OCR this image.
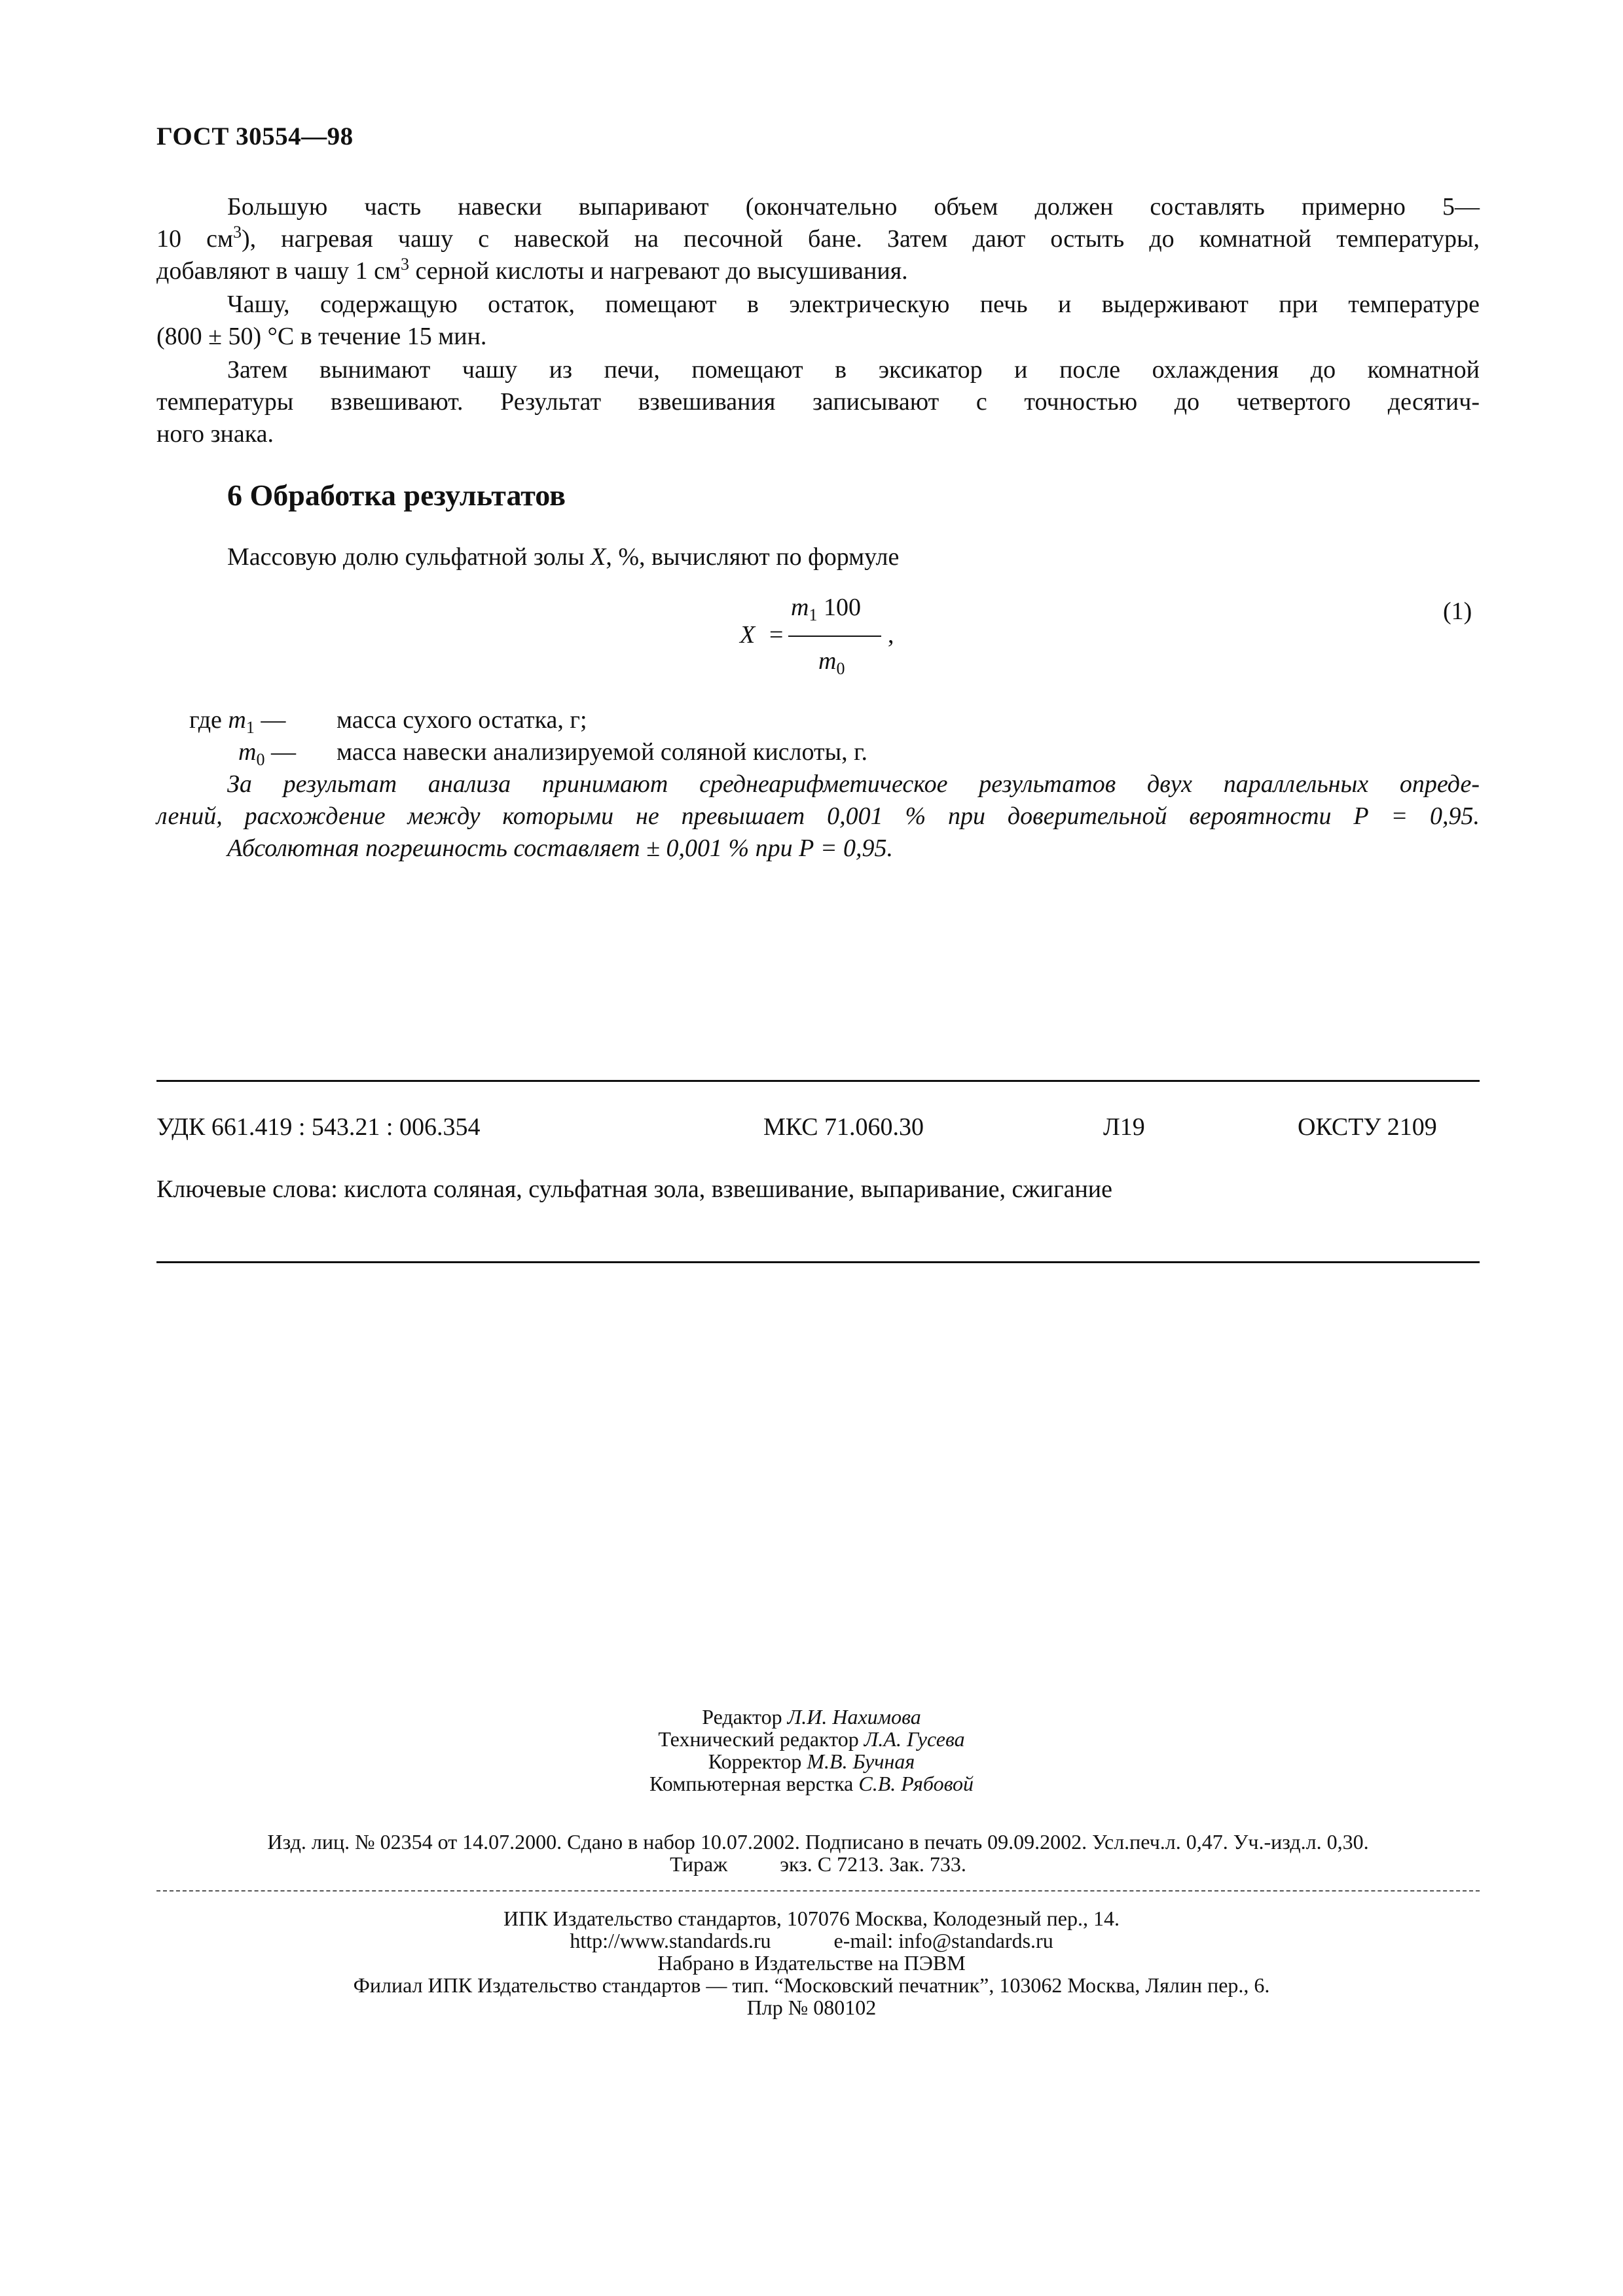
ГОСТ 30554—98
Большую часть навески выпаривают (окончательно объем должен составлять примерно 5—
10 $см^3$), нагревая чашу с навеской на песочной бане. Затем дают остыть до комнатной температуры,
добавляют в чашу 1 $см^3$ серной кислоты и нагревают до высушивания.
Чашу, содержащую остаток, помещают в электрическую печь и выдерживают при температуре
(800 ± 50) °С в течение 15 мин.
Затем вынимают чашу из печи, помещают в эксикатор и после охлаждения до комнатной
температуры взвешивают. Результат взвешивания записывают с точностью до четвертого десятич-
ного знака.
6 Обработка результатов
Массовую долю сульфатной золы X, %, вычисляют по формуле
X =
$m_1$ 100
$m_0$
,
(1)
где $m_1$ — масса сухого остатка, г;
$m_0$ — масса навески анализируемой соляной кислоты, г.
За результат анализа принимают среднеарифметическое результатов двух параллельных опреде-
лений, расхождение между которыми не превышает 0,001 % при доверительной вероятности Р = 0,95.
Абсолютная погрешность составляет ± 0,001 % при Р = 0,95.
УДК 661.419 : 543.21 : 006.354	МКС 71.060.30	Л19	ОКСТУ 2109
Ключевые слова: кислота соляная, сульфатная зола, взвешивание, выпаривание, сжигание
Редактор Л.И. Нахимова
Технический редактор Л.А. Гусева
Корректор М.В. Бучная
Компьютерная верстка С.В. Рябовой
Изд. лиц. № 02354 от 14.07.2000. Сдано в набор 10.07.2002. Подписано в печать 09.09.2002. Усл.печ.л. 0,47. Уч.-изд.л. 0,30.
Тираж          экз. С 7213. Зак. 733.
ИПК Издательство стандартов, 107076 Москва, Колодезный пер., 14.
http://www.standards.ru            e-mail: info@standards.ru
Набрано в Издательстве на ПЭВМ
Филиал ИПК Издательство стандартов — тип. “Московский печатник”, 103062 Москва, Лялин пер., 6.
Плр № 080102
